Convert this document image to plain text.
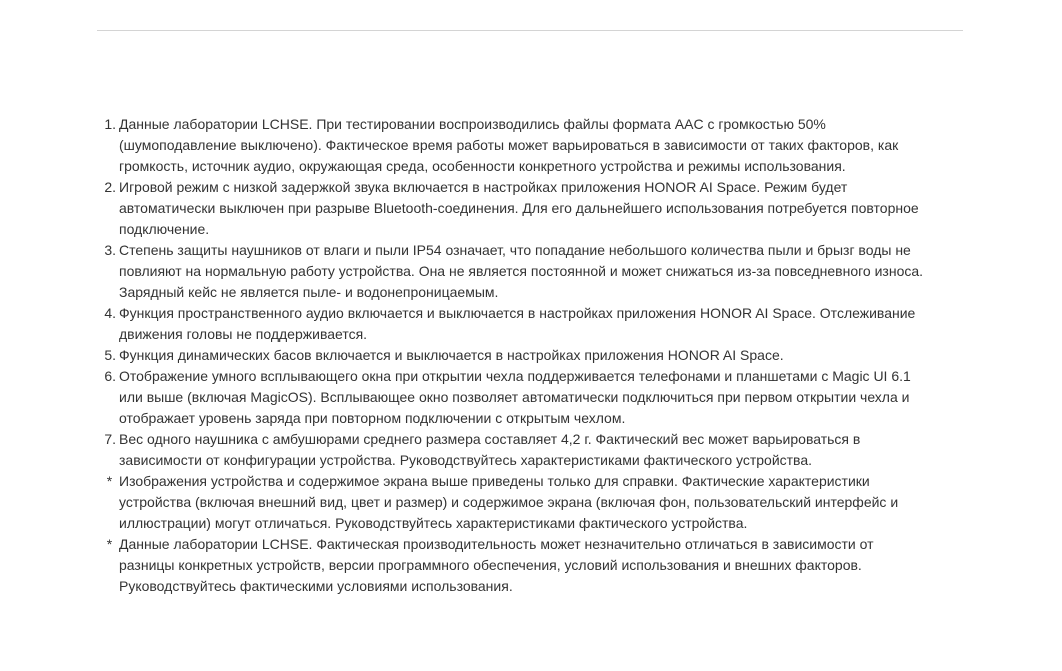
1. Данные лаборатории LCHSE. При тестировании воспроизводились файлы формата AAC с громкостью 50%
(шумоподавление выключено). Фактическое время работы может варьироваться в зависимости от таких факторов, как
громкость, источник аудио, окружающая среда, особенности конкретного устройства и режимы использования.
2. Игровой режим с низкой задержкой звука включается в настройках приложения HONOR AI Space. Режим будет
автоматически выключен при разрыве Bluetooth-соединения. Для его дальнейшего использования потребуется повторное
подключение.
3. Степень защиты наушников от влаги и пыли IP54 означает, что попадание небольшого количества пыли и брызг воды не
повлияют на нормальную работу устройства. Она не является постоянной и может снижаться из-за повседневного износа.
Зарядный кейс не является пыле- и водонепроницаемым.
4. Функция пространственного аудио включается и выключается в настройках приложения HONOR AI Space. Отслеживание
движения головы не поддерживается.
5. Функция динамических басов включается и выключается в настройках приложения HONOR AI Space.
6. Отображение умного всплывающего окна при открытии чехла поддерживается телефонами и планшетами с Magic UI 6.1
или выше (включая MagicOS). Всплывающее окно позволяет автоматически подключиться при первом открытии чехла и
отображает уровень заряда при повторном подключении с открытым чехлом.
7. Вес одного наушника с амбушюрами среднего размера составляет 4,2 г. Фактический вес может варьироваться в
зависимости от конфигурации устройства. Руководствуйтесь характеристиками фактического устройства.
* Изображения устройства и содержимое экрана выше приведены только для справки. Фактические характеристики
устройства (включая внешний вид, цвет и размер) и содержимое экрана (включая фон, пользовательский интерфейс и
иллюстрации) могут отличаться. Руководствуйтесь характеристиками фактического устройства.
* Данные лаборатории LCHSE. Фактическая производительность может незначительно отличаться в зависимости от
разницы конкретных устройств, версии программного обеспечения, условий использования и внешних факторов.
Руководствуйтесь фактическими условиями использования.
